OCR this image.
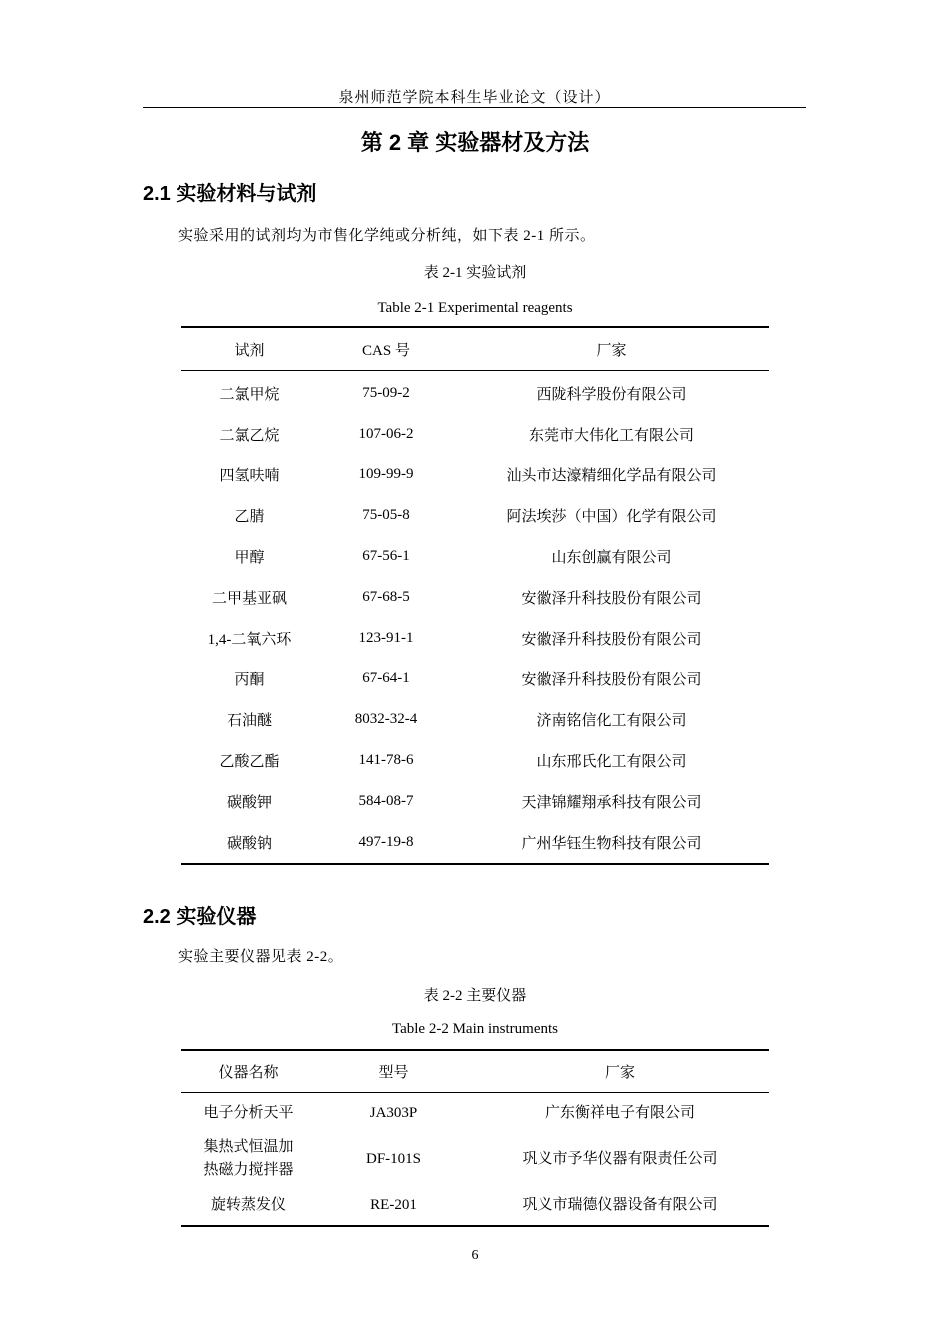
泉州师范学院本科生毕业论文（设计）
第 2 章 实验器材及方法
2.1 实验材料与试剂
实验采用的试剂均为市售化学纯或分析纯，如下表 2-1 所示。
表 2-1 实验试剂
Table 2-1 Experimental reagents
试剂	CAS 号	厂家
二氯甲烷	75-09-2	西陇科学股份有限公司
二氯乙烷	107-06-2	东莞市大伟化工有限公司
四氢呋喃	109-99-9	汕头市达濠精细化学品有限公司
乙腈	75-05-8	阿法埃莎（中国）化学有限公司
甲醇	67-56-1	山东创赢有限公司
二甲基亚砜	67-68-5	安徽泽升科技股份有限公司
1,4-二氧六环	123-91-1	安徽泽升科技股份有限公司
丙酮	67-64-1	安徽泽升科技股份有限公司
石油醚	8032-32-4	济南铭信化工有限公司
乙酸乙酯	141-78-6	山东邢氏化工有限公司
碳酸钾	584-08-7	天津锦耀翔承科技有限公司
碳酸钠	497-19-8	广州华钰生物科技有限公司
2.2 实验仪器
实验主要仪器见表 2-2。
表 2-2 主要仪器
Table 2-2 Main instruments
仪器名称	型号	厂家
电子分析天平	JA303P	广东衡祥电子有限公司

集热式恒温加
热磁力搅拌器	DF-101S	巩义市予华仪器有限责任公司
旋转蒸发仪	RE-201	巩义市瑞德仪器设备有限公司
6
